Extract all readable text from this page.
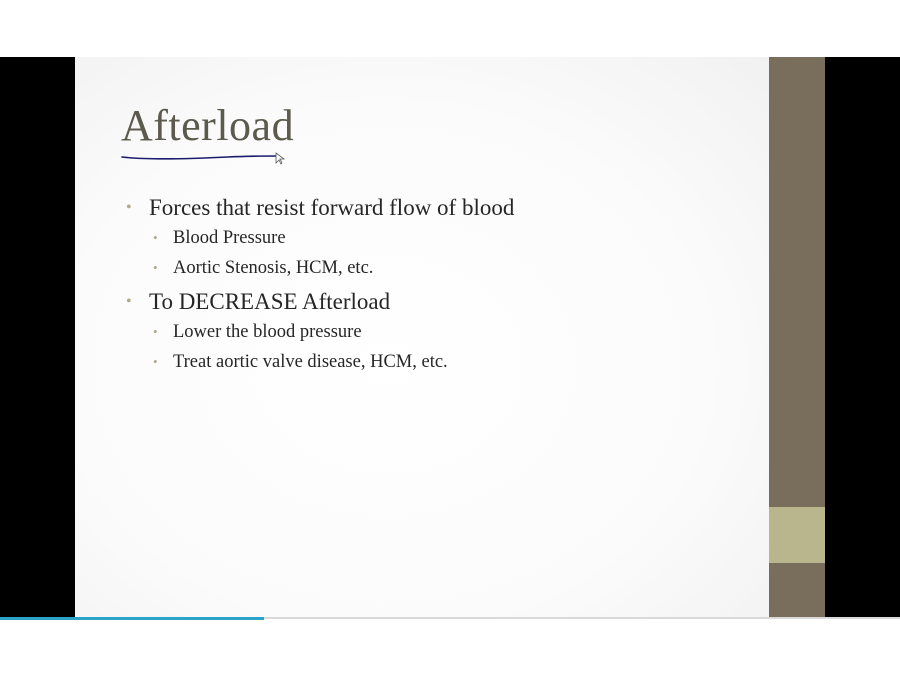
Afterload
• Forces that resist forward flow of blood
• Blood Pressure
• Aortic Stenosis, HCM, etc.
• To DECREASE Afterload
• Lower the blood pressure
• Treat aortic valve disease, HCM, etc.
